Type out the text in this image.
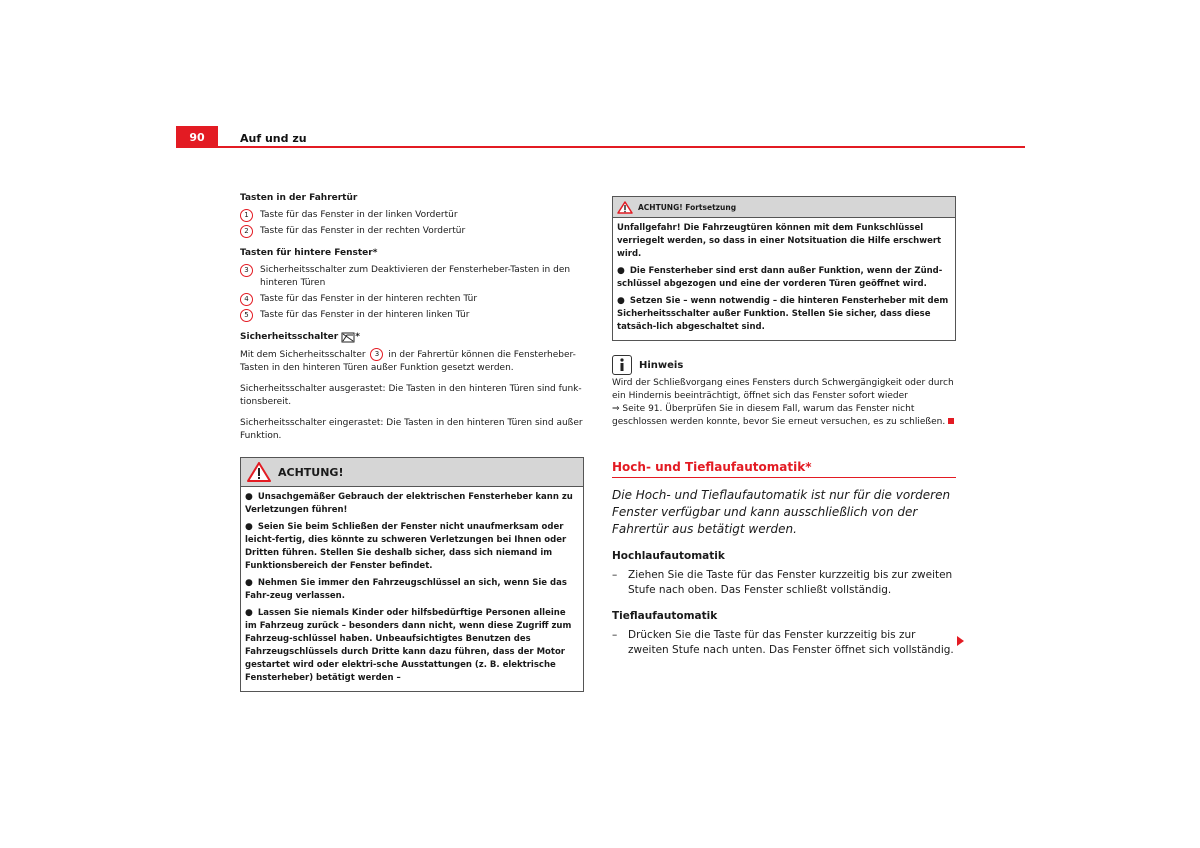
90	Auf und zu
Tasten in der Fahrertür
1	Taste für das Fenster in der linken Vordertür
2	Taste für das Fenster in der rechten Vordertür
Tasten für hintere Fenster*
3	Sicherheitsschalter zum Deaktivieren der Fensterheber-Tasten in den hinteren Türen
4	Taste für das Fenster in der hinteren rechten Tür
5	Taste für das Fenster in der hinteren linken Tür
Sicherheitsschalter *

Mit dem Sicherheitsschalter 3 in der Fahrertür können die Fensterheber-Tasten in den hinteren Türen außer Funktion gesetzt werden.

Sicherheitsschalter ausgerastet: Die Tasten in den hinteren Türen sind funk-tionsbereit.

Sicherheitsschalter eingerastet: Die Tasten in den hinteren Türen sind außer Funktion.

ACHTUNG!

● Unsachgemäßer Gebrauch der elektrischen Fensterheber kann zu Verletzungen führen!

● Seien Sie beim Schließen der Fenster nicht unaufmerksam oder leicht-fertig, dies könnte zu schweren Verletzungen bei Ihnen oder Dritten führen. Stellen Sie deshalb sicher, dass sich niemand im Funktionsbereich der Fenster befindet.

● Nehmen Sie immer den Fahrzeugschlüssel an sich, wenn Sie das Fahr-zeug verlassen.

● Lassen Sie niemals Kinder oder hilfsbedürftige Personen alleine im Fahrzeug zurück – besonders dann nicht, wenn diese Zugriff zum Fahrzeug-schlüssel haben. Unbeaufsichtigtes Benutzen des Fahrzeugschlüssels durch Dritte kann dazu führen, dass der Motor gestartet wird oder elektri-sche Ausstattungen (z. B. elektrische Fensterheber) betätigt werden –

ACHTUNG! Fortsetzung

Unfallgefahr! Die Fahrzeugtüren können mit dem Funkschlüssel verriegelt werden, so dass in einer Notsituation die Hilfe erschwert wird.

● Die Fensterheber sind erst dann außer Funktion, wenn der Zünd-schlüssel abgezogen und eine der vorderen Türen geöffnet wird.

● Setzen Sie – wenn notwendig – die hinteren Fensterheber mit dem Sicherheitsschalter außer Funktion. Stellen Sie sicher, dass diese tatsäch-lich abgeschaltet sind.

Hinweis
Wird der Schließvorgang eines Fensters durch Schwergängigkeit oder durch ein Hindernis beeinträchtigt, öffnet sich das Fenster sofort wieder
⇒ Seite 91. Überprüfen Sie in diesem Fall, warum das Fenster nicht geschlossen werden konnte, bevor Sie erneut versuchen, es zu schließen.
Hoch- und Tieflaufautomatik*
Die Hoch- und Tieflaufautomatik ist nur für die vorderen Fenster verfügbar und kann ausschließlich von der Fahrertür aus betätigt werden.
Hochlaufautomatik
–	Ziehen Sie die Taste für das Fenster kurzzeitig bis zur zweiten Stufe nach oben. Das Fenster schließt vollständig.
Tieflaufautomatik
–	Drücken Sie die Taste für das Fenster kurzzeitig bis zur zweiten Stufe nach unten. Das Fenster öffnet sich vollständig.
